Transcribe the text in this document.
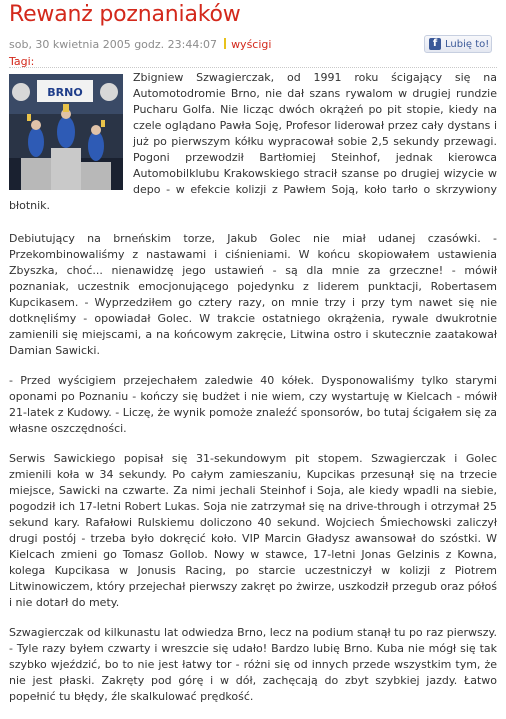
Rewanż poznaniaków
sob, 30 kwietnia 2005 godz. 23:44:07 wyścigi	f Lubię to!
Tagi:
BRNO

Zbigniew Szwagierczak, od 1991 roku ścigający się na Automotodromie Brno, nie dał szans rywalom w drugiej rundzie Pucharu Golfa. Nie licząc dwóch okrążeń po pit stopie, kiedy na czele oglądano Pawła Soję, Profesor liderował przez cały dystans i już po pierwszym kółku wypracował sobie 2,5 sekundy przewagi. Pogoni przewodził Bartłomiej Steinhof, jednak kierowca Automobilklubu Krakowskiego stracił szanse po drugiej wizycie w depo - w efekcie kolizji z Pawłem Soją, koło tarło o skrzywiony błotnik.

Debiutujący na brneńskim torze, Jakub Golec nie miał udanej czasówki. - Przekombinowaliśmy z nastawami i ciśnieniami. W końcu skopiowałem ustawienia Zbyszka, choć... nienawidzę jego ustawień - są dla mnie za grzeczne! - mówił poznaniak, uczestnik emocjonującego pojedynku z liderem punktacji, Robertasem Kupcikasem. - Wyprzedziłem go cztery razy, on mnie trzy i przy tym nawet się nie dotknęliśmy - opowiadał Golec. W trakcie ostatniego okrążenia, rywale dwukrotnie zamienili się miejscami, a na końcowym zakręcie, Litwina ostro i skutecznie zaatakował Damian Sawicki.

- Przed wyścigiem przejechałem zaledwie 40 kółek. Dysponowaliśmy tylko starymi oponami po Poznaniu - kończy się budżet i nie wiem, czy wystartuję w Kielcach - mówił 21-latek z Kudowy. - Liczę, że wynik pomoże znaleźć sponsorów, bo tutaj ścigałem się za własne oszczędności.

Serwis Sawickiego popisał się 31-sekundowym pit stopem. Szwagierczak i Golec zmienili koła w 34 sekundy. Po całym zamieszaniu, Kupcikas przesunął się na trzecie miejsce, Sawicki na czwarte. Za nimi jechali Steinhof i Soja, ale kiedy wpadli na siebie, pogodził ich 17-letni Robert Lukas. Soja nie zatrzymał się na drive-through i otrzymał 25 sekund kary. Rafałowi Rulskiemu doliczono 40 sekund. Wojciech Śmiechowski zaliczył drugi postój - trzeba było dokręcić koło. VIP Marcin Gładysz awansował do szóstki. W Kielcach zmieni go Tomasz Gollob. Nowy w stawce, 17-letni Jonas Gelzinis z Kowna, kolega Kupcikasa w Jonusis Racing, po starcie uczestniczył w kolizji z Piotrem Litwinowiczem, który przejechał pierwszy zakręt po żwirze, uszkodził przegub oraz półoś i nie dotarł do mety.

Szwagierczak od kilkunastu lat odwiedza Brno, lecz na podium stanął tu po raz pierwszy. - Tyle razy byłem czwarty i wreszcie się udało! Bardzo lubię Brno. Kuba nie mógł się tak szybko wjeździć, bo to nie jest łatwy tor - różni się od innych przede wszystkim tym, że nie jest płaski. Zakręty pod górę i w dół, zachęcają do zbyt szybkiej jazdy. Łatwo popełnić tu błędy, źle skalkulować prędkość.
